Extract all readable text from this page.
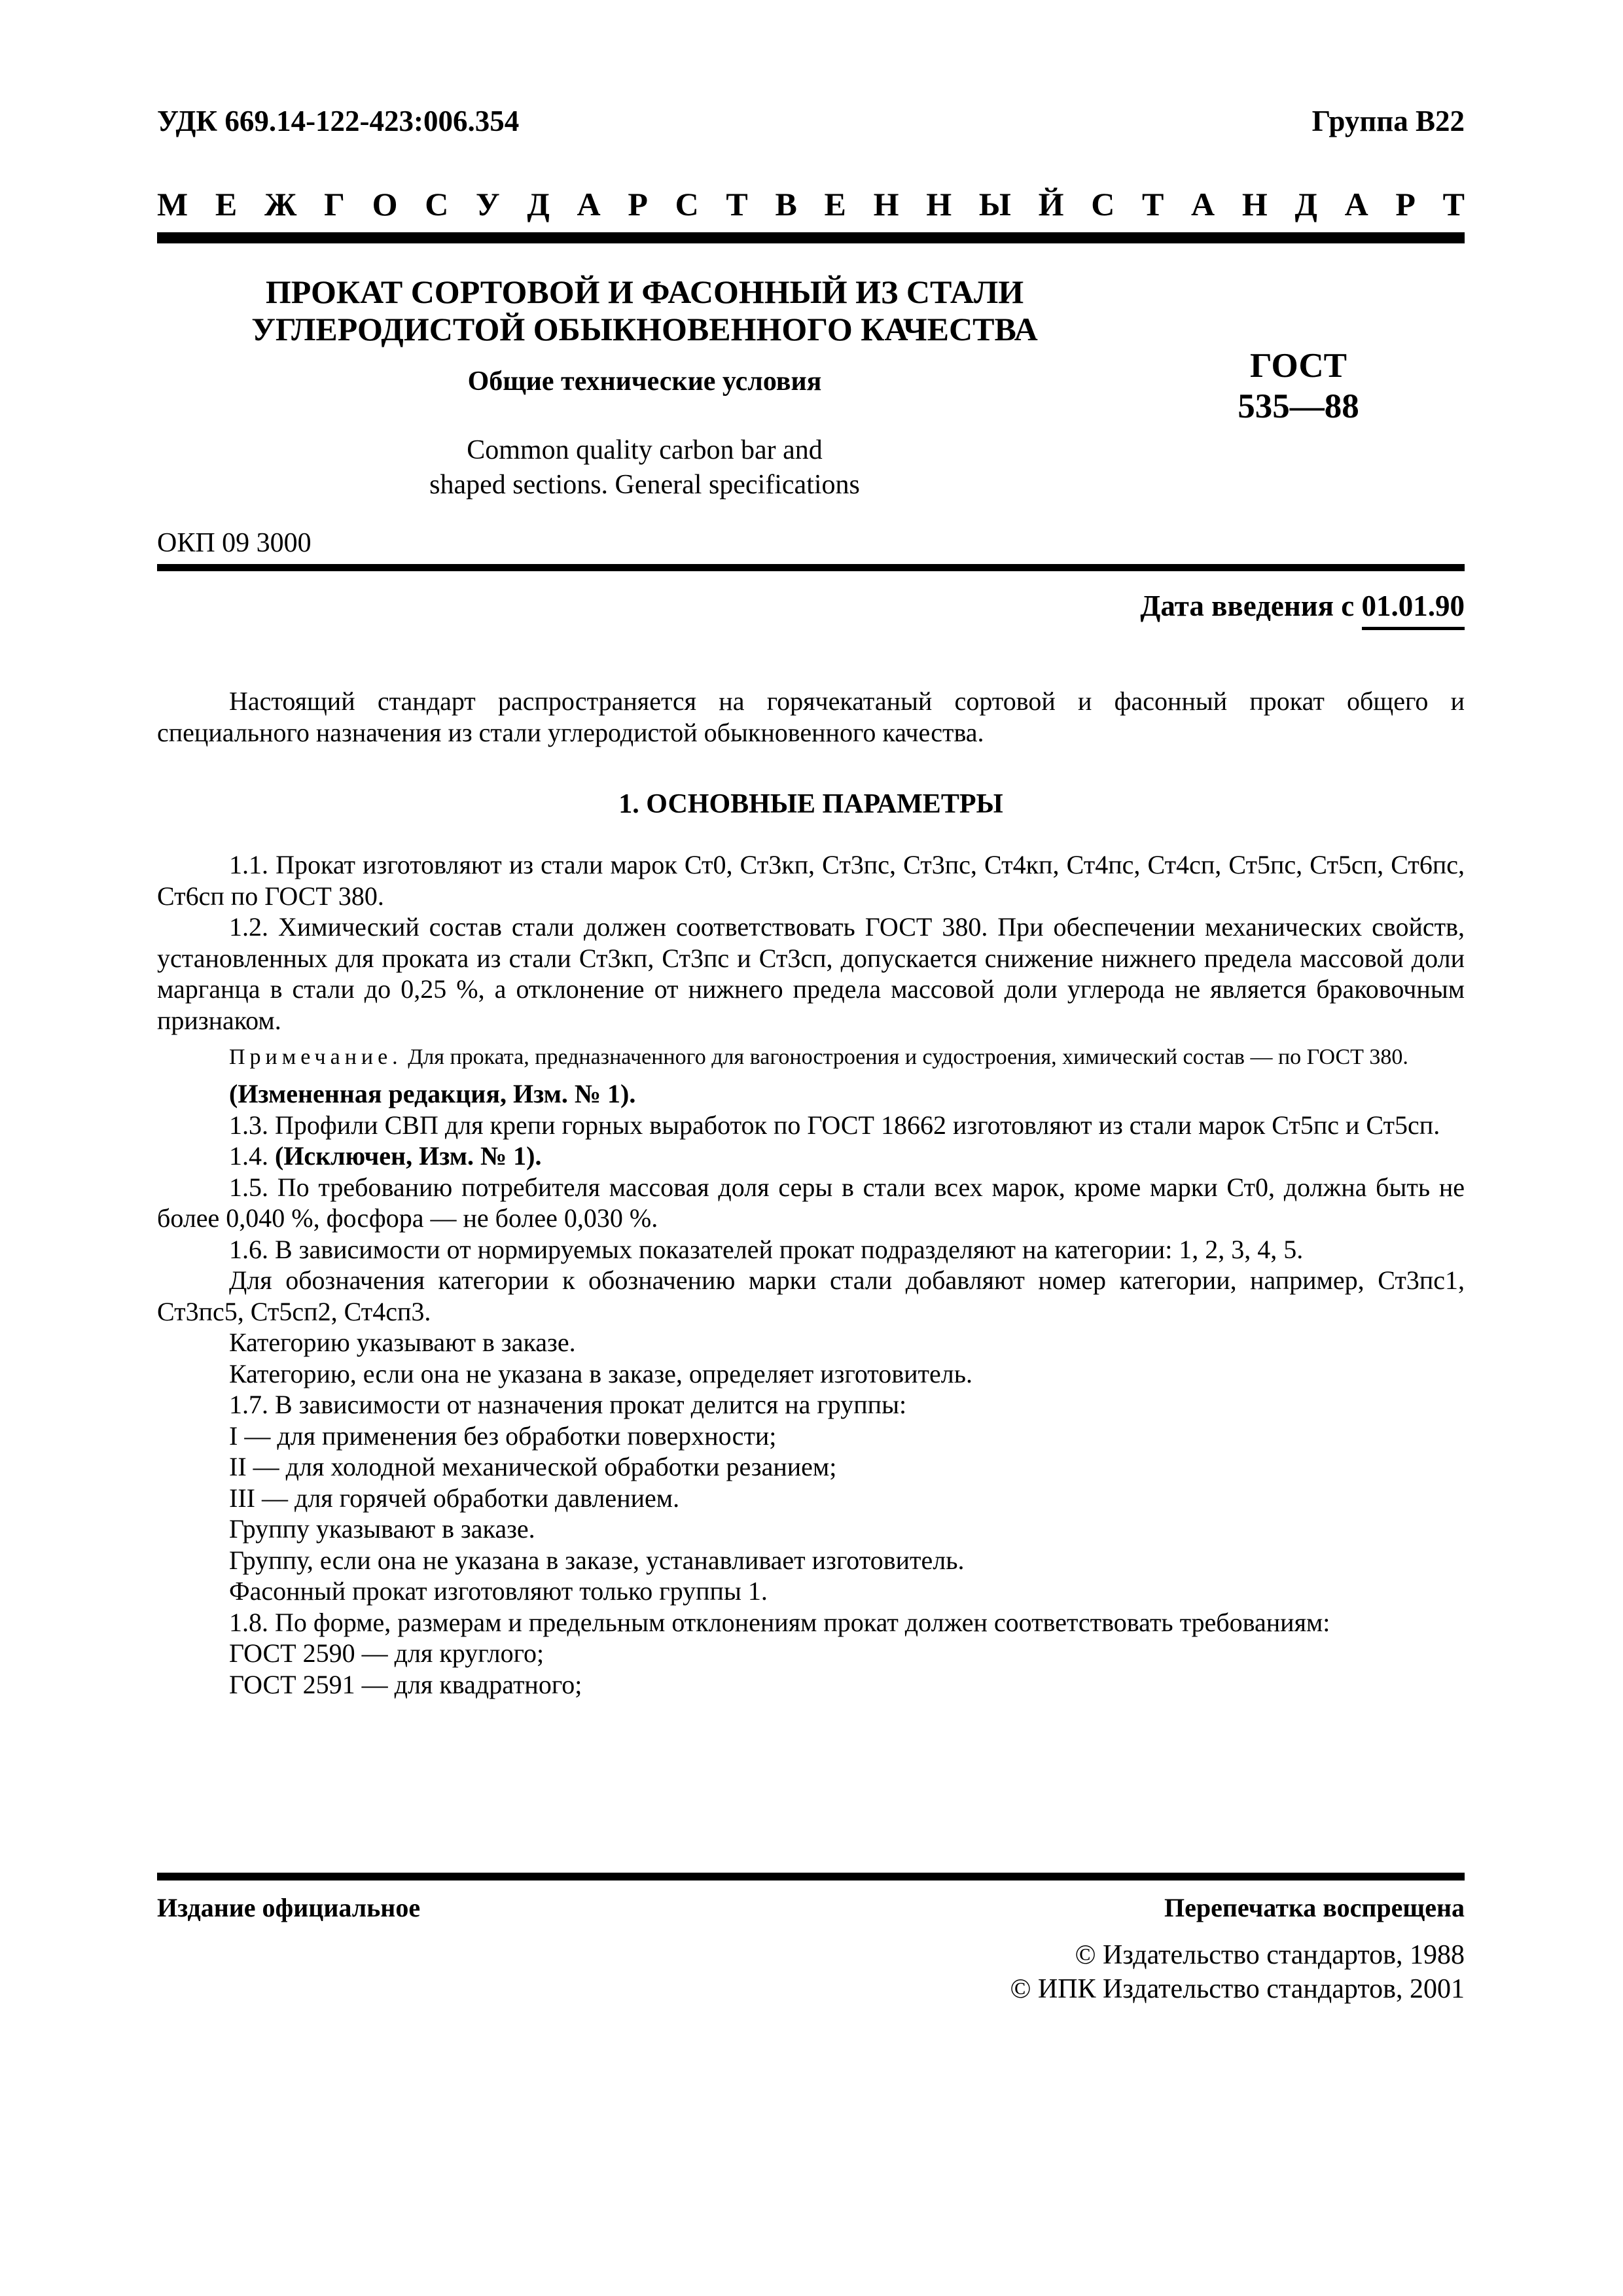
УДК 669.14-122-423:006.354	Группа В22
М Е Ж Г О С У Д А Р С Т В Е Н Н Ы Й С Т А Н Д А Р Т
ПРОКАТ СОРТОВОЙ И ФАСОННЫЙ ИЗ СТАЛИ
УГЛЕРОДИСТОЙ ОБЫКНОВЕННОГО КАЧЕСТВА
Общие технические условия	ГОСТ
535—88
Common quality carbon bar and
shaped sections. General specifications
ОКП 09 3000
Дата введения с 01.01.90

Настоящий стандарт распространяется на горячекатаный сортовой и фасонный прокат общего и специального назначения из стали углеродистой обыкновенного качества.

1. ОСНОВНЫЕ ПАРАМЕТРЫ

1.1. Прокат изготовляют из стали марок Ст0, Ст3кп, Ст3пс, Ст3пс, Ст4кп, Ст4пс, Ст4сп, Ст5пс, Ст5сп, Ст6пс, Ст6сп по ГОСТ 380.

1.2. Химический состав стали должен соответствовать ГОСТ 380. При обеспечении механических свойств, установленных для проката из стали Ст3кп, Ст3пс и Ст3сп, допускается снижение нижнего предела массовой доли марганца в стали до 0,25 %, а отклонение от нижнего предела массовой доли углерода не является браковочным признаком.

Примечание. Для проката, предназначенного для вагоностроения и судостроения, химический состав — по ГОСТ 380.

(Измененная редакция, Изм. № 1).

1.3. Профили СВП для крепи горных выработок по ГОСТ 18662 изготовляют из стали марок Ст5пс и Ст5сп.

1.4. (Исключен, Изм. № 1).

1.5. По требованию потребителя массовая доля серы в стали всех марок, кроме марки Ст0, должна быть не более 0,040 %, фосфора — не более 0,030 %.

1.6. В зависимости от нормируемых показателей прокат подразделяют на категории: 1, 2, 3, 4, 5.

Для обозначения категории к обозначению марки стали добавляют номер категории, например, Ст3пс1, Ст3пс5, Ст5сп2, Ст4сп3.

Категорию указывают в заказе.

Категорию, если она не указана в заказе, определяет изготовитель.

1.7. В зависимости от назначения прокат делится на группы:

I — для применения без обработки поверхности;

II — для холодной механической обработки резанием;

III — для горячей обработки давлением.

Группу указывают в заказе.

Группу, если она не указана в заказе, устанавливает изготовитель.

Фасонный прокат изготовляют только группы 1.

1.8. По форме, размерам и предельным отклонениям прокат должен соответствовать требованиям:

ГОСТ 2590 — для круглого;

ГОСТ 2591 — для квадратного;

Издание официальное	Перепечатка воспрещена
© Издательство стандартов, 1988
© ИПК Издательство стандартов, 2001
